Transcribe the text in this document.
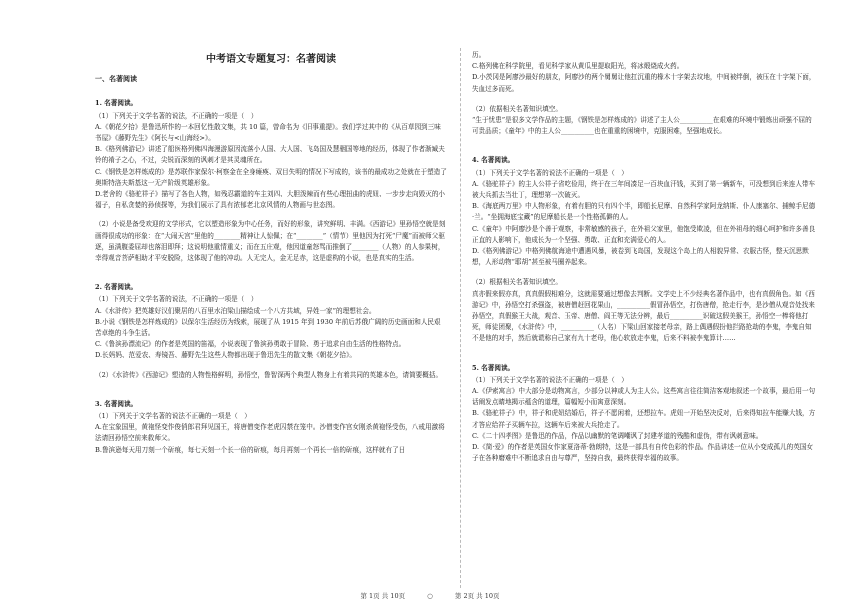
中考语文专题复习：名著阅读
一、名著阅读
1. 名著阅读。
（1）下列关于文学名著的说法，不正确的一项是（　）

A.《朝花夕拾》是鲁迅所作的一本回忆性散文集，共 10 篇，曾命名为《旧事重提》。我们学过其中的《从百草园到三味书屋》《藤野先生》《阿长与<山海经>》。

B.《格列佛游记》讲述了船医格列佛四海漫游原因流落小人国、大人国、飞岛国及慧骃国等地的经历，体现了作者渐臧夫铃的褃子之心，不过，尖锐而深刻的讽刺才是其灵魂所在。

C.《钢铁是怎样炼成的》是苏联作家保尔·柯察金在全身瘫痪、双目失明的情况下写成的，该书的最成功之处就在于塑造了奥斯特洛夫斯基这一无产阶级英雄形象。

D.老舍的《骆驼祥子》描写了各色人物，如残忍霸道的车主刘四、大胆泼辣而有些心理扭曲的虎妞、一步步走向毁灭的小福子，自私贪婪的孙侦探等，为我们展示了具有浓郁老北京风情的人物画与世态图。

（2）小说是备受欢迎的文学形式，它以塑造形象为中心任务，而好的形象，讲究鲜明、丰满。《西游记》里孙悟空就是刻画得很成功的形象：在“大闹天宫”里他的________精神让人惊佩；在“________”（情节）里他因为打死“尸魔”而被师父驱逐，虽满腹委屈却也落泪即拜；这说明他重情重义；而在五庄观，他因道童怒骂而推倒了________（人物）的人参果树，幸得观音菩萨相助才平安脱险，这体现了他的冲动。人无完人，金无足赤，这是虚构的小说，也是真实的生活。

2. 名著阅读。
（1）下列关于文学名著的说法，不正确的一项是（　）

A.《水浒传》把英雄好汉们聚居的八百里水泊梁山描绘成一个八方共域，异姓一家”的理想社会。

B.小说《钢铁是怎样炼成的》以保尔生活经历为线索，展现了从 1915 年到 1930 年前后苏俄广阔的历史画面和人民艰苦卓绝的斗争生活。

C.《鲁滨孙漂流记》的作者是英国的笛福，小说表现了鲁滨孙勇敢于冒险、勇于追求自由生活的性格特点。

D.长妈妈、范爱农、寿镜吾、藤野先生这些人物都出现于鲁迅先生的散文集《朝花夕拾》。

（2）《水浒传》《西游记》塑造的人物性格鲜明，孙悟空，鲁智深两个典型人物身上有着共同的英雄本色，请简要概括。

3. 名著阅读。
（1）下列关于文学名著的说法不正确的一项是（　）

A.在宝象国里，黄袍怪变作俊俏郎君拜见国王，将唐僧变作老虎囚禁在笼中。沙僧变作宫女刚杀黄袍怪受伤，八戒用激将法请回孙悟空前来救师父。

B.鲁滨逊每天用刀刻一个斫痕，每七天刻一个长一倍的斫痕，每月再刻一个再长一倍的斫痕，这样就有了日

历。

C.格列佛在科学院里，看见科学家从黄瓜里提取阳光，将冰煅烧成火药。

D.小茨冈是阿廖沙最好的朋友，阿廖沙的两个舅舅让他扛沉重的橡木十字架去坟地，中间被绊倒，被压在十字架下面，失血过多而死。

（2）依据相关名著知识填空。

“生于忧患”是很多文学作品的主题，《钢铁是怎样炼成的》讲述了主人公__________在艰难的环境中锻炼出顽强不屈的可贵品质；《童年》中的主人公__________也在重重的困境中，克服困难，坚强地成长。

4. 名著阅读。
（1）下列关于文学名著的说法不正确的一项是（　）

A.《骆驼祥子》的主人公祥子省吃俭用，终于在三年间凑足一百块血汗钱，买到了第一辆新车，可没想到后来连人带车被大兵抓去当壮丁，理想第一次破灭。

B.《海底两万里》中人物形象，有着有胆的只有四个半，即船长尼摩、自然科学家阿龙纳斯、仆人康塞尔、捕鲸手尼德·兰。“坐拥海底宝藏”的尼摩船长是一个性格孤僻的人。

C.《童年》中阿廖沙是个善于观察，非常敏感的孩子，在外祖父家里，他饱受欺凌，但在外祖母的细心呵护和许多善良正直的人影响下，他成长为一个坚强、勇敢、正直和充满爱心的人。

D.《格列佛游记》中格列佛航海途中遭遇风暴，被卷到飞岛国，发现这个岛上的人相貌异常、衣服古怪，整天沉思默想，人形动物“耶胡”甚至被马圈养起来。

（2）根据相关名著知识填空。

真亦假来假亦真，真真假假相难分，这就需要通过想像去判断。文学史上不少经典名著作品中，也有真假角色。如《西游记》中，孙悟空打杀强盗，被唐僧赶回花果山，__________假冒孙悟空，打伤唐僧，抢走行李，是沙僧从观音处找来孙悟空，真假猴王大战，观音、玉帝、唐僧、阎王等无法分辨，最后__________识破这假美猴王，孙悟空一棒将他打死，师徒团聚，《水浒传》中，__________（人名）下梁山回家接老母亲，路上偶遇假扮他拦路抢劫的李鬼，李鬼自知不是他的对手，然后就谎称自己家有九十老母，他心软放走李鬼，后来不料被李鬼算计……

5. 名著阅读。
（1）下列关于文学名著的说法不正确的一项是（　）

A.《伊索寓言》中大部分是动物寓言，少部分以神或人为主人公。这些寓言往往简洁客观地叙述一个故事，最后用一句话阐发点睛地揭示蕴含的道理，篇幅短小而寓意深刻。

B.《骆驼祥子》中，祥子和虎妞结婚后，祥子不愿闲着，还想拉车。虎妞一开始坚决反对，后来得知拉车能赚大钱，方才答应给祥子买辆车拉，这辆车后来被大兵抢走了。

C.《二十四孝图》是鲁迅的作品，作品以幽默的笔调嘲讽了封建孝道的残酷和虚伪，带有讽刺意味。

D.《简·爱》的作者是英国女作家夏洛蒂·勃朗特，这是一部具有自传色彩的作品。作品讲述一位从小变成孤儿的英国女子在各种磨难中不断追求自由与尊严，坚持自我，最终获得幸福的故事。

第 1页 共 10页	○	第 2页 共 10页
